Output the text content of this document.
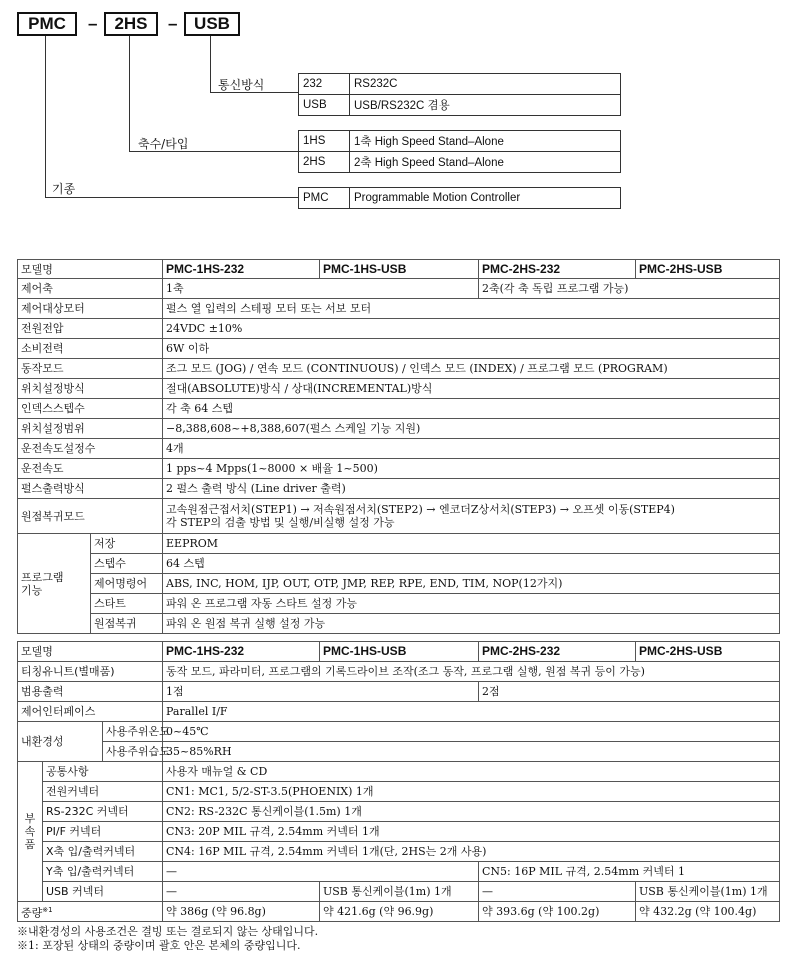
PMC	– 2HS	– USB
통신방식
축수/타입
기종
232	RS232C
USB	USB/RS232C 겸용
1HS	1축 High Speed Stand–Alone
2HS	2축 High Speed Stand–Alone
PMC	Programmable Motion Controller
모델명		PMC-1HS-232	PMC-1HS-USB	PMC-2HS-232	PMC-2HS-USB
제어축		1축		2축(각 축 독립 프로그램 가능)	
제어대상모터		펄스 열 입력의 스테핑 모터 또는 서보 모터			
전원전압		24VDC ±10%			
소비전력		6W 이하			
동작모드		조그 모드 (JOG) / 연속 모드 (CONTINUOUS) / 인덱스 모드 (INDEX) / 프로그램 모드 (PROGRAM)			
위치설정방식		절대(ABSOLUTE)방식 / 상대(INCREMENTAL)방식			
인덱스스텝수		각 축 64 스텝			
위치설정범위		−8,388,608~+8,388,607(펄스 스케일 기능 지원)			
운전속도설정수		4개			
운전속도		1 pps~4 Mpps(1~8000 × 배율 1~500)			
펄스출력방식		2 펄스 출력 방식 (Line driver 출력)			
원점복귀모드		고속원점근접서치(STEP1) → 저속원점서치(STEP2) → 엔코더Z상서치(STEP3) → 오프셋 이동(STEP4)
각 STEP의 검출 방법 및 실행/비실행 설정 가능			

프로그램
기능	저장	EEPROM			
	스텝수	64 스텝			
	제어명령어	ABS, INC, HOM, IJP, OUT, OTP, JMP, REP, RPE, END, TIM, NOP(12가지)			
	스타트	파워 온 프로그램 자동 스타트 설정 가능			
	원점복귀	파워 온 원점 복귀 실행 설정 가능			
모델명	PMC-1HS-232	PMC-1HS-USB	PMC-2HS-232	PMC-2HS-USB
티칭유니트(별매품)	동작 모드, 파라미터, 프로그램의 기록드라이브 조작(조그 동작, 프로그램 실행, 원점 복귀 등이 가능)			
범용출력	1점		2점	
제어인터페이스	Parallel I/F			
내환경성	사용주위온도	0~45℃
	사용주위습도	35~85%RH
부
속
품	공통사항	사용자 매뉴얼 & CD			
	전원커넥터	CN1: MC1, 5/2-ST-3.5(PHOENIX) 1개			
	RS-232C 커넥터	CN2: RS-232C 통신케이블(1.5m) 1개			
	PI/F 커넥터	CN3: 20P MIL 규격, 2.54mm 커넥터 1개			
	X축 입/출력커넥터	CN4: 16P MIL 규격, 2.54mm 커넥터 1개(단, 2HS는 2개 사용)			
	Y축 입/출력커넥터	—		CN5: 16P MIL 규격, 2.54mm 커넥터 1	
	USB 커넥터	—	USB 통신케이블(1m) 1개	—	USB 통신케이블(1m) 1개
중량$^{※1}$		약 386g (약 96.8g)	약 421.6g (약 96.9g)	약 393.6g (약 100.2g)	약 432.2g (약 100.4g)
※내환경성의 사용조건은 결빙 또는 결로되지 않는 상태입니다.
※1: 포장된 상태의 중량이며 괄호 안은 본체의 중량입니다.
